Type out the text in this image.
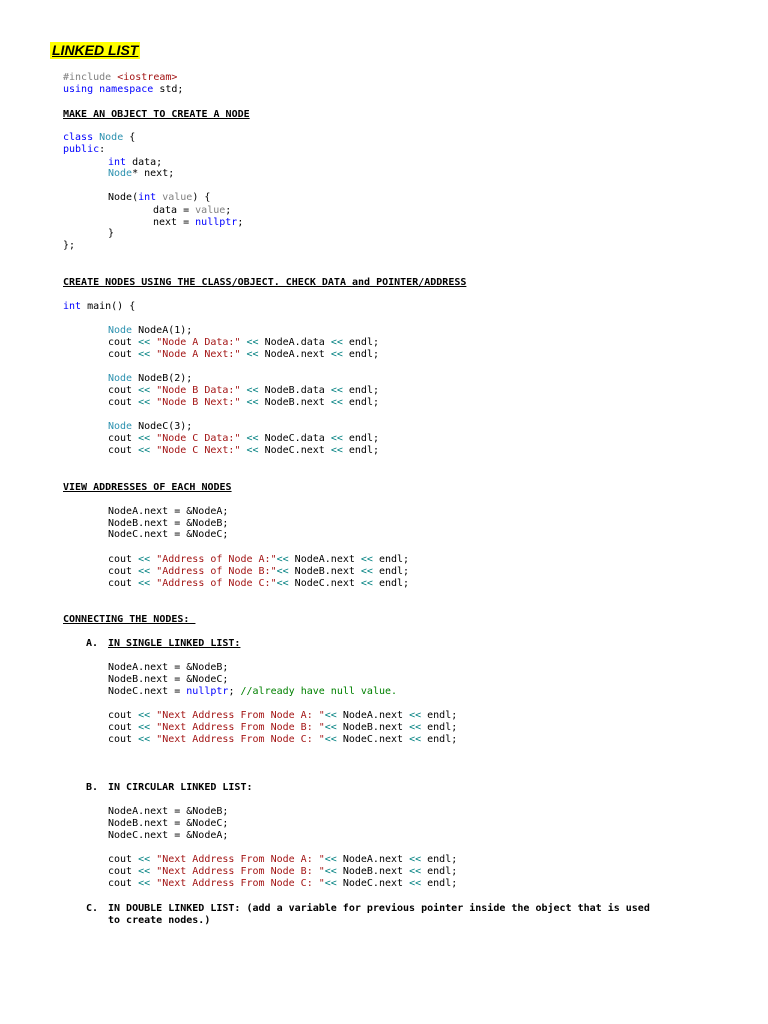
LINKED LIST
#include <iostream>
using namespace std;
MAKE AN OBJECT TO CREATE A NODE
class Node {
public:
int data;
Node* next;
Node(int value) {
data = value;
next = nullptr;
}
};
CREATE NODES USING THE CLASS/OBJECT. CHECK DATA and POINTER/ADDRESS
int main() {
Node NodeA(1);
cout << "Node A Data:" << NodeA.data << endl;
cout << "Node A Next:" << NodeA.next << endl;
Node NodeB(2);
cout << "Node B Data:" << NodeB.data << endl;
cout << "Node B Next:" << NodeB.next << endl;
Node NodeC(3);
cout << "Node C Data:" << NodeC.data << endl;
cout << "Node C Next:" << NodeC.next << endl;
VIEW ADDRESSES OF EACH NODES
NodeA.next = &NodeA;
NodeB.next = &NodeB;
NodeC.next = &NodeC;
cout << "Address of Node A:"<< NodeA.next << endl;
cout << "Address of Node B:"<< NodeB.next << endl;
cout << "Address of Node C:"<< NodeC.next << endl;
CONNECTING THE NODES:
A. IN SINGLE LINKED LIST:
NodeA.next = &NodeB;
NodeB.next = &NodeC;
NodeC.next = nullptr; //already have null value.
cout << "Next Address From Node A: "<< NodeA.next << endl;
cout << "Next Address From Node B: "<< NodeB.next << endl;
cout << "Next Address From Node C: "<< NodeC.next << endl;
B. IN CIRCULAR LINKED LIST:
NodeA.next = &NodeB;
NodeB.next = &NodeC;
NodeC.next = &NodeA;
cout << "Next Address From Node A: "<< NodeA.next << endl;
cout << "Next Address From Node B: "<< NodeB.next << endl;
cout << "Next Address From Node C: "<< NodeC.next << endl;
C. IN DOUBLE LINKED LIST: (add a variable for previous pointer inside the object that is used
to create nodes.)
